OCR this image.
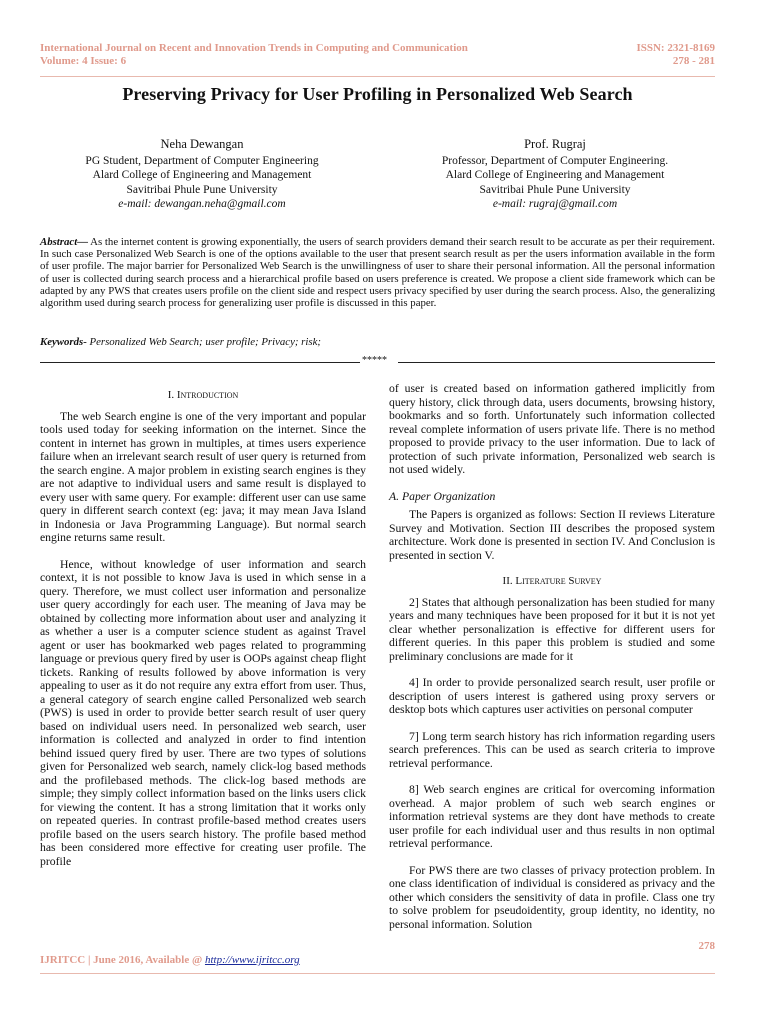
International Journal on Recent and Innovation Trends in Computing and Communication
Volume: 4 Issue: 6
ISSN: 2321-8169
278 - 281
Preserving Privacy for User Profiling in Personalized Web Search
Neha Dewangan
PG Student, Department of Computer Engineering
Alard College of Engineering and Management
Savitribai Phule Pune University
e-mail: dewangan.neha@gmail.com
Prof. Rugraj
Professor, Department of Computer Engineering.
Alard College of Engineering and Management
Savitribai Phule Pune University
e-mail: rugraj@gmail.com
Abstract— As the internet content is growing exponentially, the users of search providers demand their search result to be accurate as per their requirement. In such case Personalized Web Search is one of the options available to the user that present search result as per the users information available in the form of user profile. The major barrier for Personalized Web Search is the unwillingness of user to share their personal information. All the personal information of user is collected during search process and a hierarchical profile based on users preference is created. We propose a client side framework which can be adapted by any PWS that creates users profile on the client side and respect users privacy specified by user during the search process. Also, the generalizing algorithm used during search process for generalizing user profile is discussed in this paper.
Keywords- Personalized Web Search; user profile; Privacy; risk;
*****
I. Introduction

The web Search engine is one of the very important and popular tools used today for seeking information on the internet. Since the content in internet has grown in multiples, at times users experience failure when an irrelevant search result of user query is returned from the search engine. A major problem in existing search engines is they are not adaptive to individual users and same result is displayed to every user with same query. For example: different user can use same query in different search context (eg: java; it may mean Java Island in Indonesia or Java Programming Language). But normal search engine returns same result.

Hence, without knowledge of user information and search context, it is not possible to know Java is used in which sense in a query. Therefore, we must collect user information and personalize user query accordingly for each user. The meaning of Java may be obtained by collecting more information about user and analyzing it as whether a user is a computer science student as against Travel agent or user has bookmarked web pages related to programming language or previous query fired by user is OOPs against cheap flight tickets. Ranking of results followed by above information is very appealing to user as it do not require any extra effort from user. Thus, a general category of search engine called Personalized web search (PWS) is used in order to provide better search result of user query based on individual users need. In personalized web search, user information is collected and analyzed in order to find intention behind issued query fired by user. There are two types of solutions given for Personalized web search, namely click-log based methods and the profilebased methods. The click-log based methods are simple; they simply collect information based on the links users click for viewing the content. It has a strong limitation that it works only on repeated queries. In contrast profile-based method creates users profile based on the users search history. The profile based method has been considered more effective for creating user profile. The profile

of user is created based on information gathered implicitly from query history, click through data, users documents, browsing history, bookmarks and so forth. Unfortunately such information collected reveal complete information of users private life. There is no method proposed to provide privacy to the user information. Due to lack of protection of such private information, Personalized web search is not used widely.

A. Paper Organization

The Papers is organized as follows: Section II reviews Literature Survey and Motivation. Section III describes the proposed system architecture. Work done is presented in section IV. And Conclusion is presented in section V.

II. Literature Survey

2] States that although personalization has been studied for many years and many techniques have been proposed for it but it is not yet clear whether personalization is effective for different users for different queries. In this paper this problem is studied and some preliminary conclusions are made for it

4] In order to provide personalized search result, user profile or description of users interest is gathered using proxy servers or desktop bots which captures user activities on personal computer

7] Long term search history has rich information regarding users search preferences. This can be used as search criteria to improve retrieval performance.

8] Web search engines are critical for overcoming information overhead. A major problem of such web search engines or information retrieval systems are they dont have methods to create user profile for each individual user and thus results in non optimal retrieval performance.

For PWS there are two classes of privacy protection problem. In one class identification of individual is considered as privacy and the other which considers the sensitivity of data in profile. Class one try to solve problem for pseudoidentity, group identity, no identity, no personal information. Solution

278
IJRITCC | June 2016, Available @ http://www.ijritcc.org
